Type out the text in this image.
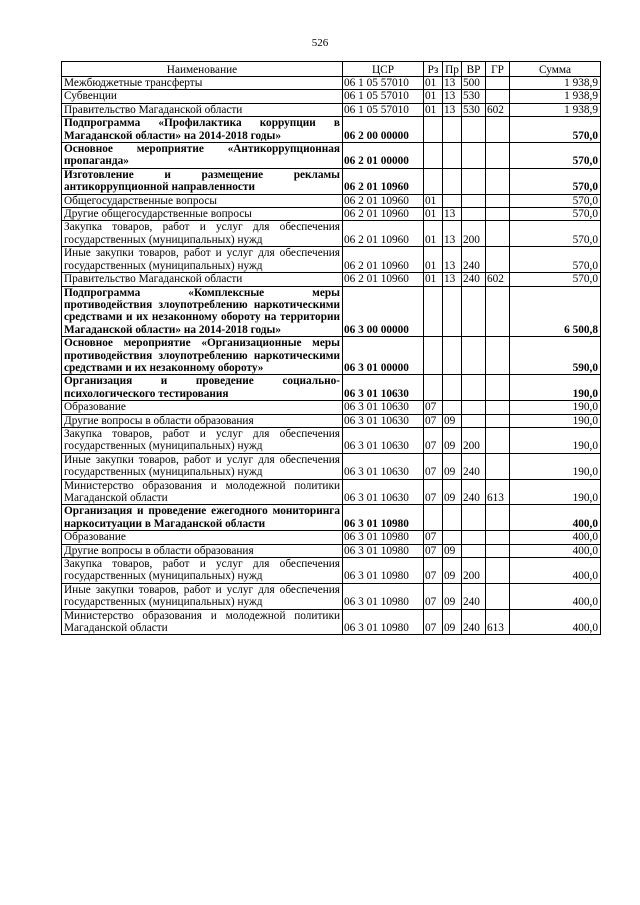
526
Наименование	ЦСР	Рз	Пр	ВР	ГР	Сумма
Межбюджетные трансферты	06 1 05 57010	01	13	500		1 938,9
Субвенции	06 1 05 57010	01	13	530		1 938,9
Правительство Магаданской области	06 1 05 57010	01	13	530	602	1 938,9
Подпрограмма «Профилактика коррупции в Магаданской области» на 2014-2018 годы»	06 2 00 00000					570,0
Основное мероприятие «Антикоррупционная пропаганда»	06 2 01 00000					570,0
Изготовление и размещение рекламы антикоррупционной направленности	06 2 01 10960					570,0
Общегосударственные вопросы	06 2 01 10960	01				570,0
Другие общегосударственные вопросы	06 2 01 10960	01	13			570,0
Закупка товаров, работ и услуг для обеспечения государственных (муниципальных) нужд	06 2 01 10960	01	13	200		570,0
Иные закупки товаров, работ и услуг для обеспечения государственных (муниципальных) нужд	06 2 01 10960	01	13	240		570,0
Правительство Магаданской области	06 2 01 10960	01	13	240	602	570,0
Подпрограмма «Комплексные меры противодействия злоупотреблению наркотическими средствами и их незаконному обороту на территории Магаданской области» на 2014-2018 годы»	06 3 00 00000					6 500,8
Основное мероприятие «Организационные меры противодействия злоупотреблению наркотическими средствами и их незаконному обороту»	06 3 01 00000					590,0
Организация и проведение социально-психологического тестирования	06 3 01 10630					190,0
Образование	06 3 01 10630	07				190,0
Другие вопросы в области образования	06 3 01 10630	07	09			190,0
Закупка товаров, работ и услуг для обеспечения государственных (муниципальных) нужд	06 3 01 10630	07	09	200		190,0
Иные закупки товаров, работ и услуг для обеспечения государственных (муниципальных) нужд	06 3 01 10630	07	09	240		190,0
Министерство образования и молодежной политики Магаданской области	06 3 01 10630	07	09	240	613	190,0
Организация и проведение ежегодного мониторинга наркоситуации в Магаданской области	06 3 01 10980					400,0
Образование	06 3 01 10980	07				400,0
Другие вопросы в области образования	06 3 01 10980	07	09			400,0
Закупка товаров, работ и услуг для обеспечения государственных (муниципальных) нужд	06 3 01 10980	07	09	200		400,0
Иные закупки товаров, работ и услуг для обеспечения государственных (муниципальных) нужд	06 3 01 10980	07	09	240		400,0
Министерство образования и молодежной политики Магаданской области	06 3 01 10980	07	09	240	613	400,0
